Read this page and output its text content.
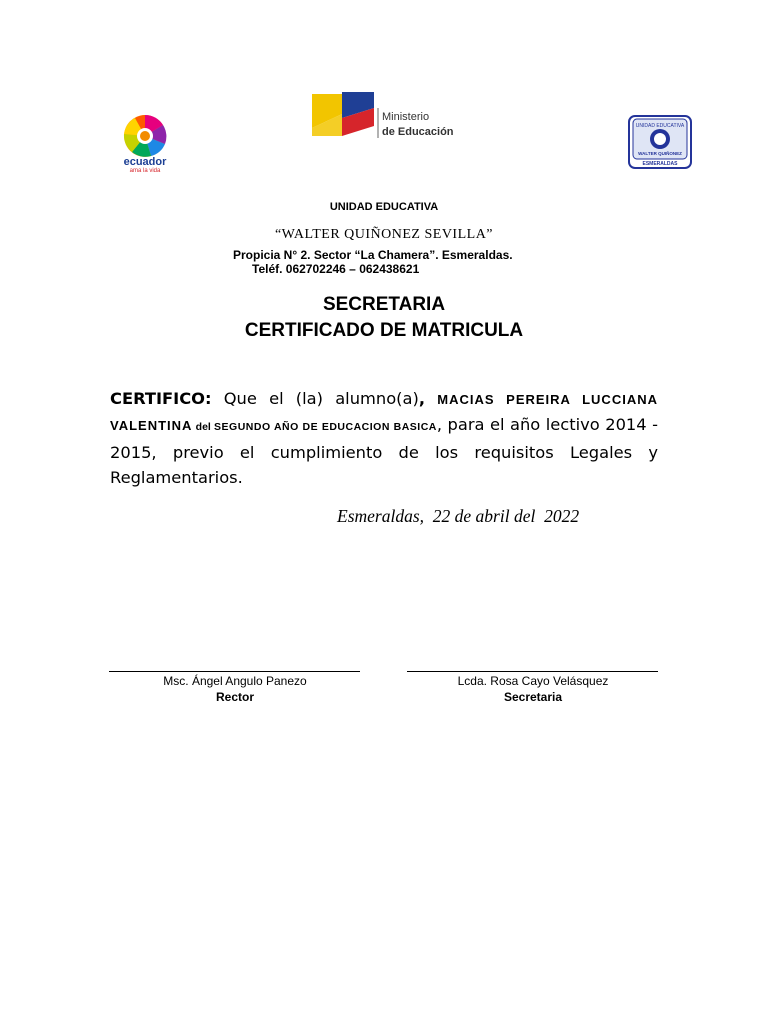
ecuador
ama la vida
Ministerio
de Educación	UNIDAD EDUCATIVA
WALTER QUIÑONEZ
ESMERALDAS
UNIDAD EDUCATIVA
“WALTER QUIÑONEZ SEVILLA”
Propicia N° 2. Sector “La Chamera”. Esmeraldas.
Teléf. 062702246 – 062438621
SECRETARIA
CERTIFICADO DE MATRICULA
CERTIFICO: Que el (la) alumno(a), MACIAS PEREIRA LUCCIANA VALENTINA del SEGUNDO AÑO DE EDUCACION BASICA, para el año lectivo 2014 - 2015, previo el cumplimiento de los requisitos Legales y Reglamentarios.
Esmeraldas,  22 de abril del  2022
Msc. Ángel Angulo Panezo
Rector
Lcda. Rosa Cayo Velásquez
Secretaria
